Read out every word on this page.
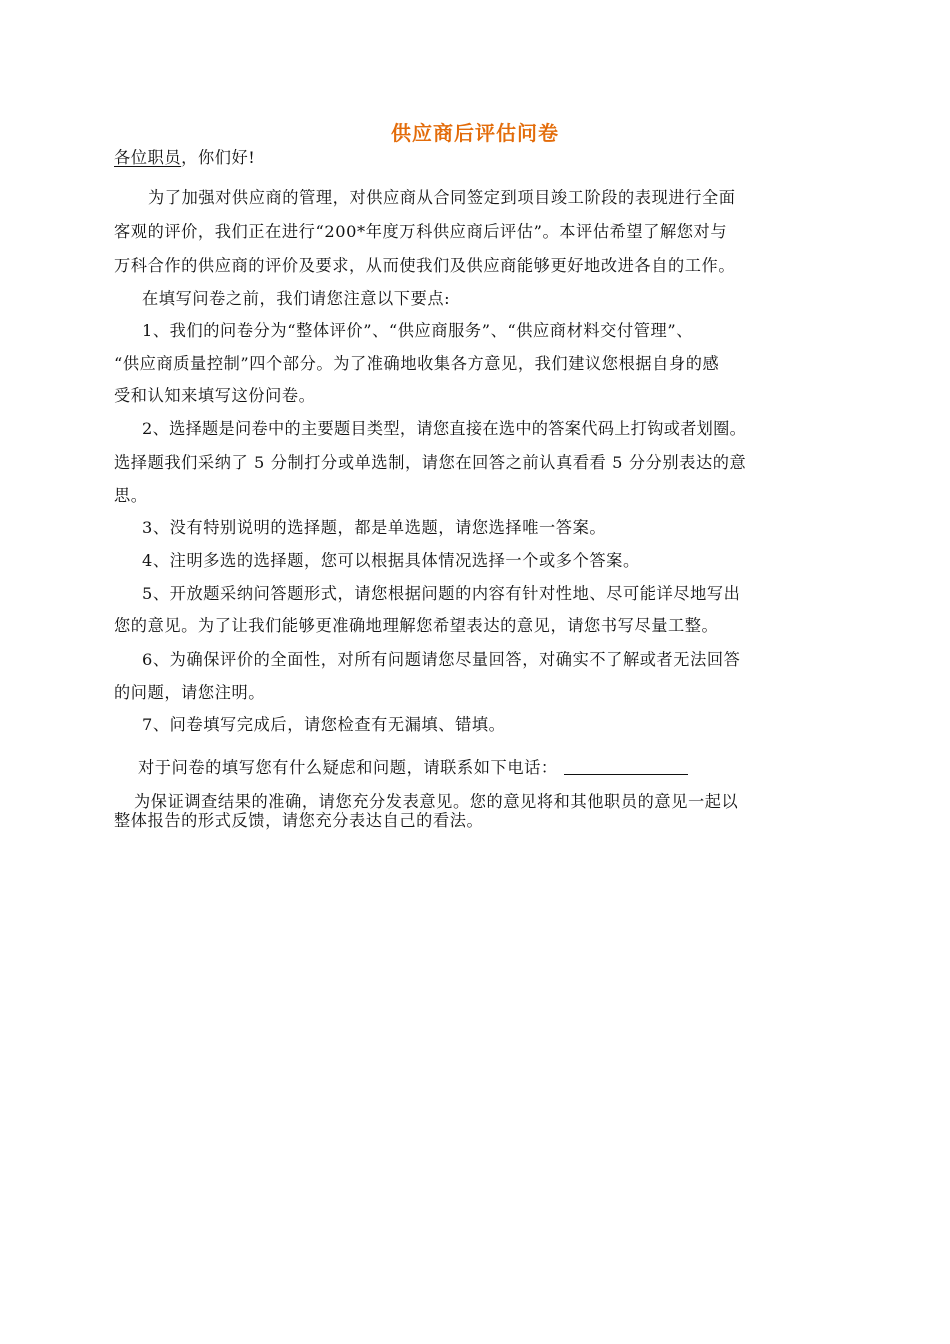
供应商后评估问卷
各位职员，你们好!
为了加强对供应商的管理，对供应商从合同签定到项目竣工阶段的表现进行全面
客观的评价，我们正在进行“200*年度万科供应商后评估”。本评估希望了解您对与
万科合作的供应商的评价及要求，从而使我们及供应商能够更好地改进各自的工作。
在填写问卷之前，我们请您注意以下要点:
1、我们的问卷分为“整体评价”、“供应商服务”、“供应商材料交付管理”、
“供应商质量控制”四个部分。为了准确地收集各方意见，我们建议您根据自身的感
受和认知来填写这份问卷。
2、选择题是问卷中的主要题目类型，请您直接在选中的答案代码上打钩或者划圈。
选择题我们采纳了 5 分制打分或单选制，请您在回答之前认真看看 5 分分别表达的意
思。
3、没有特别说明的选择题，都是单选题，请您选择唯一答案。
4、注明多选的选择题，您可以根据具体情况选择一个或多个答案。
5、开放题采纳问答题形式，请您根据问题的内容有针对性地、尽可能详尽地写出
您的意见。为了让我们能够更准确地理解您希望表达的意见，请您书写尽量工整。
6、为确保评价的全面性，对所有问题请您尽量回答，对确实不了解或者无法回答
的问题，请您注明。
7、问卷填写完成后，请您检查有无漏填、错填。
对于问卷的填写您有什么疑虑和问题，请联系如下电话：
为保证调查结果的准确，请您充分发表意见。您的意见将和其他职员的意见一起以
整体报告的形式反馈，请您充分表达自己的看法。
